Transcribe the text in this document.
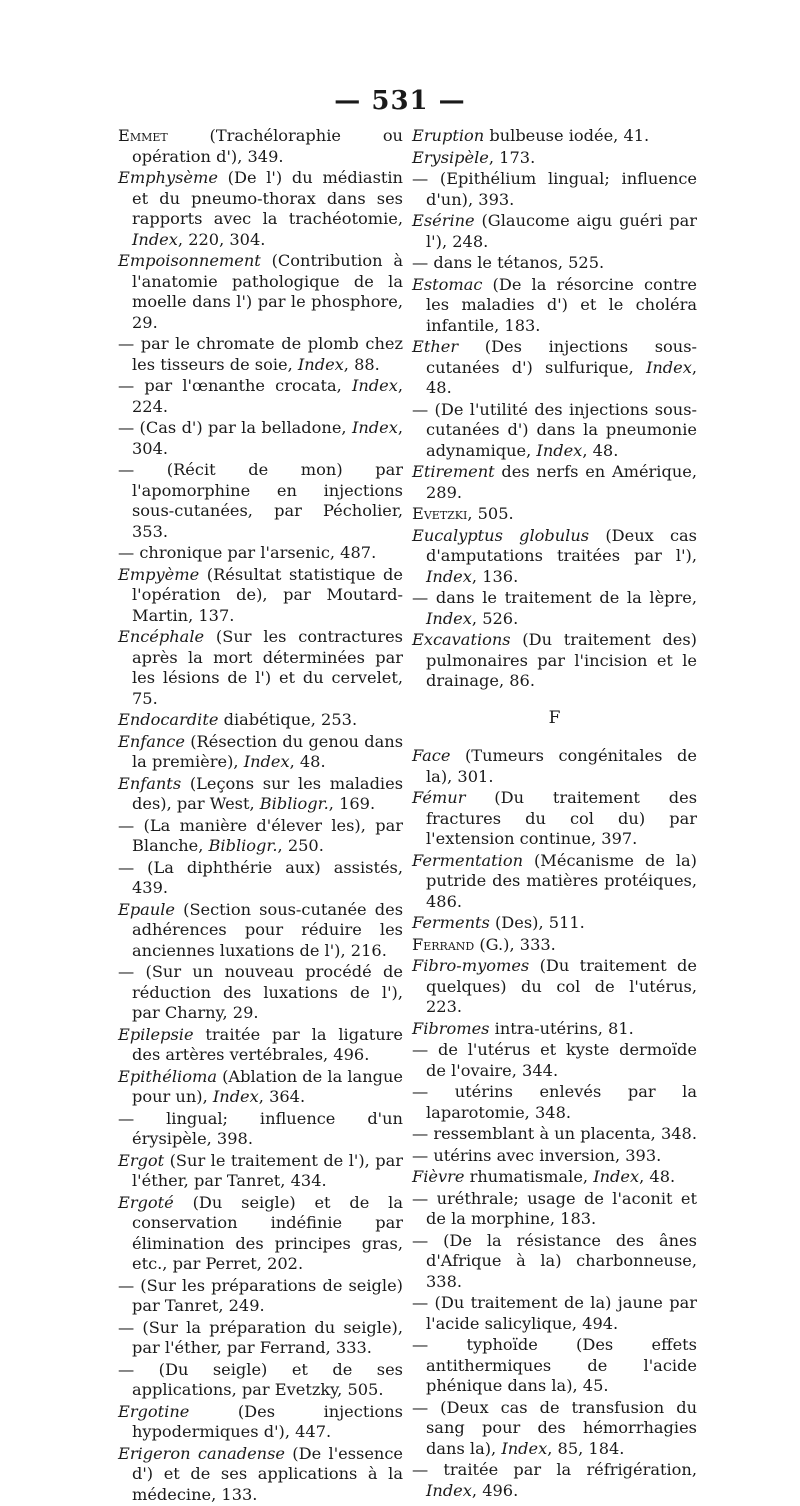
— 531 —

Emmet (Trachéloraphie ou opération d'), 349.

Emphysème (De l') du médiastin et du pneumo-thorax dans ses rapports avec la trachéotomie, Index, 220, 304.

Empoisonnement (Contribution à l'anatomie pathologique de la moelle dans l') par le phosphore, 29.

— par le chromate de plomb chez les tisseurs de soie, Index, 88.

— par l'œnanthe crocata, Index, 224.

— (Cas d') par la belladone, Index, 304.

— (Récit de mon) par l'apomorphine en injections sous-cutanées, par Pécholier, 353.

— chronique par l'arsenic, 487.

Empyème (Résultat statistique de l'opération de), par Moutard-Martin, 137.

Encéphale (Sur les contractures après la mort déterminées par les lésions de l') et du cervelet, 75.

Endocardite diabétique, 253.

Enfance (Résection du genou dans la première), Index, 48.

Enfants (Leçons sur les maladies des), par West, Bibliogr., 169.

— (La manière d'élever les), par Blanche, Bibliogr., 250.

— (La diphthérie aux) assistés, 439.

Epaule (Section sous-cutanée des adhérences pour réduire les anciennes luxations de l'), 216.

— (Sur un nouveau procédé de réduction des luxations de l'), par Charny, 29.

Epilepsie traitée par la ligature des artères vertébrales, 496.

Epithélioma (Ablation de la langue pour un), Index, 364.

— lingual; influence d'un érysipèle, 398.

Ergot (Sur le traitement de l'), par l'éther, par Tanret, 434.

Ergoté (Du seigle) et de la conservation indéfinie par élimination des principes gras, etc., par Perret, 202.

— (Sur les préparations de seigle) par Tanret, 249.

— (Sur la préparation du seigle), par l'éther, par Ferrand, 333.

— (Du seigle) et de ses applications, par Evetzky, 505.

Ergotine (Des injections hypodermiques d'), 447.

Erigeron canadense (De l'essence d') et de ses applications à la médecine, 133.

Eruption bulbeuse iodée, 41.

Erysipèle, 173.

— (Epithélium lingual; influence d'un), 393.

Esérine (Glaucome aigu guéri par l'), 248.

— dans le tétanos, 525.

Estomac (De la résorcine contre les maladies d') et le choléra infantile, 183.

Ether (Des injections sous-cutanées d') sulfurique, Index, 48.

— (De l'utilité des injections sous-cutanées d') dans la pneumonie adynamique, Index, 48.

Etirement des nerfs en Amérique, 289.

Evetzki, 505.

Eucalyptus globulus (Deux cas d'amputations traitées par l'), Index, 136.

— dans le traitement de la lèpre, Index, 526.

Excavations (Du traitement des) pulmonaires par l'incision et le drainage, 86.

F

Face (Tumeurs congénitales de la), 301.

Fémur (Du traitement des fractures du col du) par l'extension continue, 397.

Fermentation (Mécanisme de la) putride des matières protéiques, 486.

Ferments (Des), 511.

Ferrand (G.), 333.

Fibro-myomes (Du traitement de quelques) du col de l'utérus, 223.

Fibromes intra-utérins, 81.

— de l'utérus et kyste dermoïde de l'ovaire, 344.

— utérins enlevés par la laparotomie, 348.

— ressemblant à un placenta, 348.

— utérins avec inversion, 393.

Fièvre rhumatismale, Index, 48.

— uréthrale; usage de l'aconit et de la morphine, 183.

— (De la résistance des ânes d'Afrique à la) charbonneuse, 338.

— (Du traitement de la) jaune par l'acide salicylique, 494.

— typhoïde (Des effets antithermiques de l'acide phénique dans la), 45.

— (Deux cas de transfusion du sang pour des hémorrhagies dans la), Index, 85, 184.

— traitée par la réfrigération, Index, 496.
